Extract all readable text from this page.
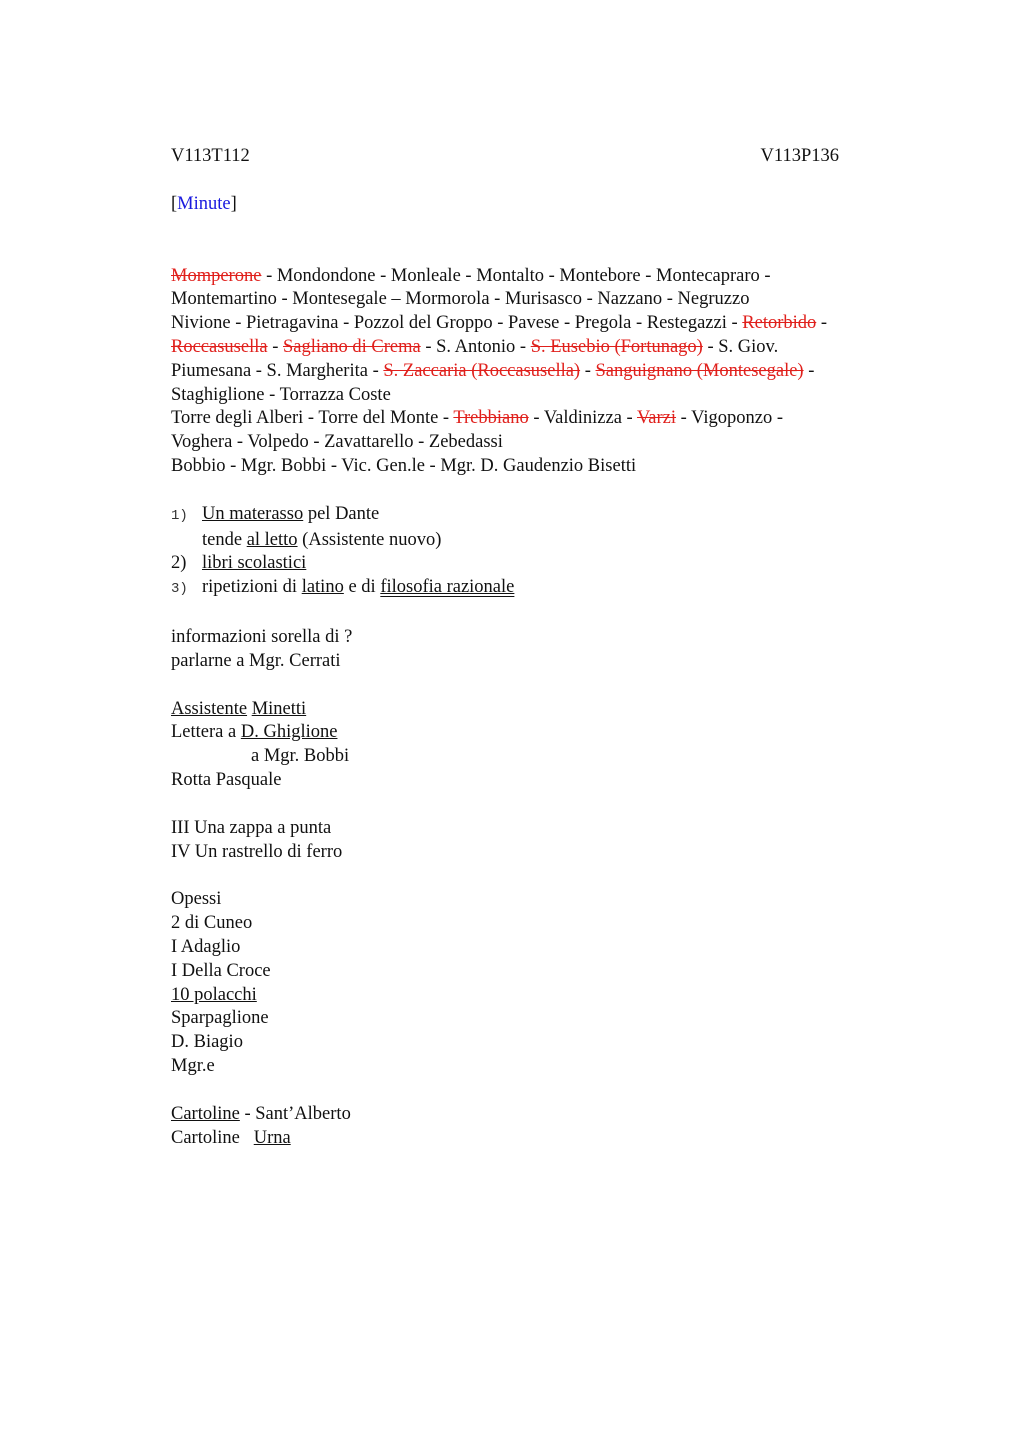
V113T112	V113P136
[Minute]
Momperone - Mondondone - Monleale - Montalto - Montebore - Montecapraro -
Montemartino - Montesegale – Mormorola - Murisasco - Nazzano - Negruzzo
Nivione - Pietragavina - Pozzol del Groppo - Pavese - Pregola - Restegazzi - Retorbido -
Roccasusella - Sagliano di Crema - S. Antonio - S. Eusebio (Fortunago) - S. Giov.
Piumesana - S. Margherita - S. Zaccaria (Roccasusella) - Sanguignano (Montesegale) -
Staghiglione - Torrazza Coste
Torre degli Alberi - Torre del Monte - Trebbiano - Valdinizza - Varzi - Vigoponzo -
Voghera - Volpedo - Zavattarello - Zebedassi
Bobbio - Mgr. Bobbi - Vic. Gen.le - Mgr. D. Gaudenzio Bisetti
1) Un materasso pel Dante
tende al letto (Assistente nuovo)
2) libri scolastici
3) ripetizioni di latino e di filosofia razionale
informazioni sorella di ?
parlarne a Mgr. Cerrati
Assistente Minetti
Lettera a D. Ghiglione
a Mgr. Bobbi
Rotta Pasquale
III Una zappa a punta
IV Un rastrello di ferro
Opessi
2 di Cuneo
I Adaglio
I Della Croce
10 polacchi
Sparpaglione
D. Biagio
Mgr.e
Cartoline - Sant’Alberto
Cartoline Urna
